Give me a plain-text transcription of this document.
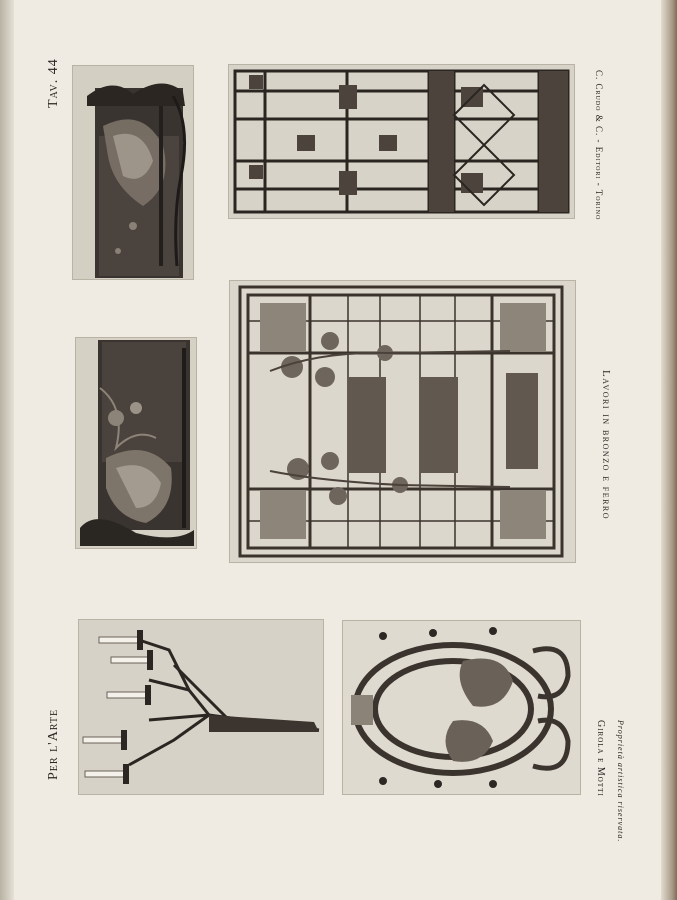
Tav. 44
Per l'Arte
C. Crudo & C. - Editori - Torino
Lavori in bronzo e ferro
Girola e Motti Proprietà artistica riservata.
